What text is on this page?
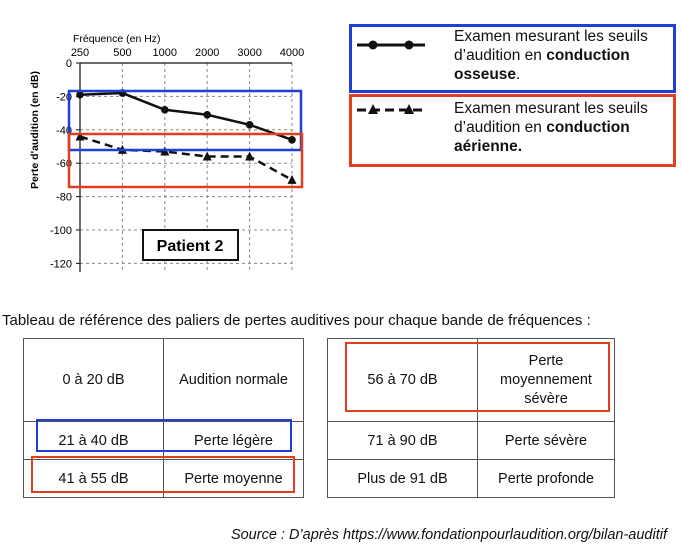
250 500 1000 2000 3000 4000
0
-20
-40
-60
-80
-100
-120
Fréquence (en Hz)
Perte d'audition (en dB)
Patient 2
Examen mesurant les seuils
d’audition en conduction
osseuse.
Examen mesurant les seuils
d’audition en conduction
aérienne.
Tableau de référence des paliers de pertes auditives pour chaque bande de fréquences :
0 à 20 dB	Audition normale
21 à 40 dB	Perte légère
41 à 55 dB	Perte moyenne
56 à 70 dB	Perte moyennement sévère
71 à 90 dB	Perte sévère
Plus de 91 dB	Perte profonde
Source : D’après https://www.fondationpourlaudition.org/bilan-auditif
